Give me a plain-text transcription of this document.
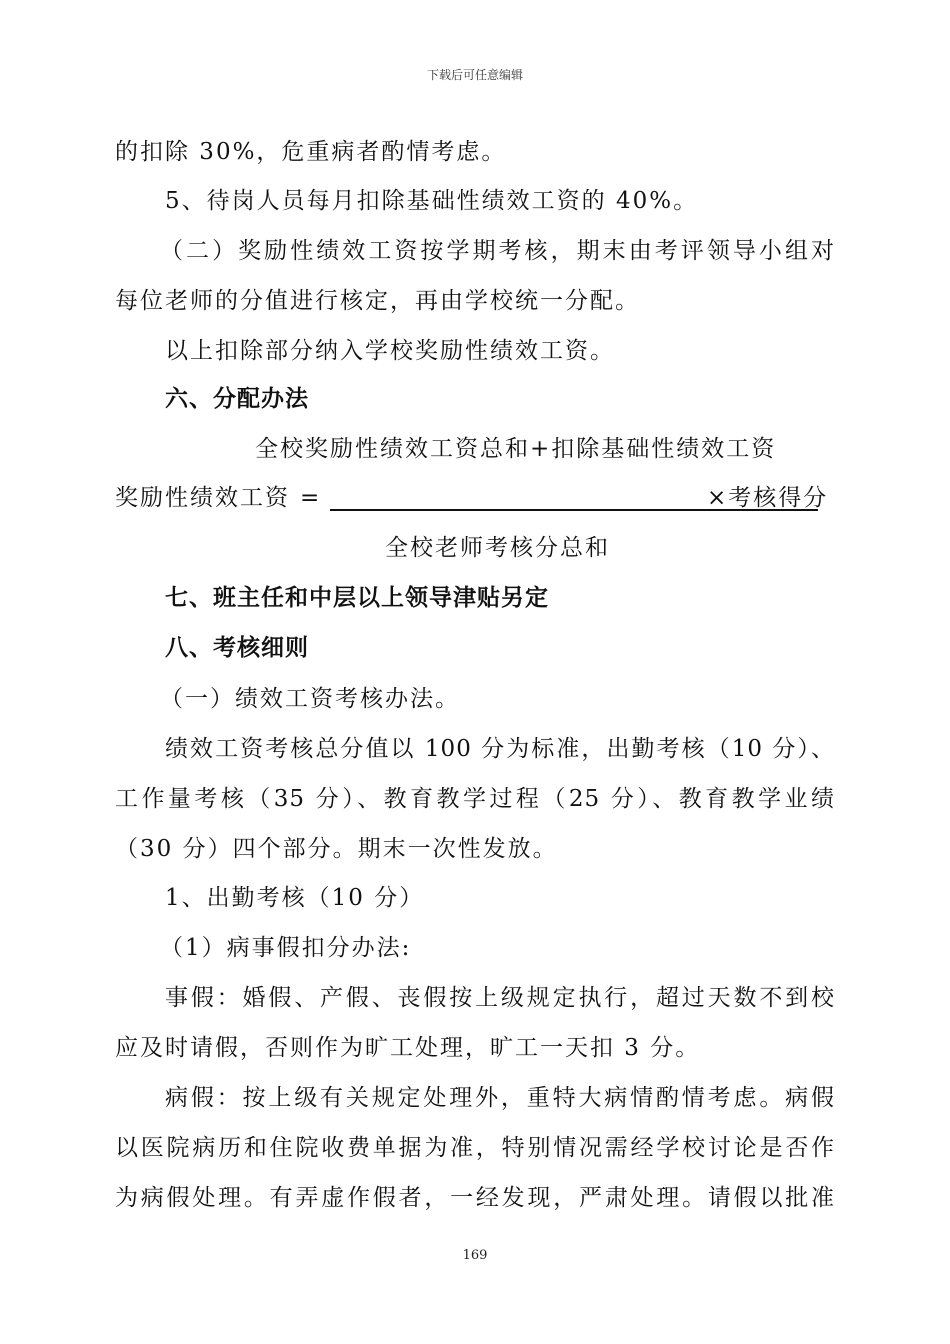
下载后可任意编辑
的扣除 30%，危重病者酌情考虑。
5、待岗人员每月扣除基础性绩效工资的 40%。
（二）奖励性绩效工资按学期考核，期末由考评领导小组对
每位老师的分值进行核定，再由学校统一分配。
以上扣除部分纳入学校奖励性绩效工资。
六、分配办法
全校奖励性绩效工资总和+扣除基础性绩效工资
奖励性绩效工资 =	×考核得分
全校老师考核分总和
七、班主任和中层以上领导津贴另定
八、考核细则
（一）绩效工资考核办法。
绩效工资考核总分值以 100 分为标准，出勤考核（10 分）、
工作量考核（35 分）、教育教学过程（25 分）、教育教学业绩
（30 分）四个部分。期末一次性发放。
1、出勤考核（10 分）
（1）病事假扣分办法:
事假：婚假、产假、丧假按上级规定执行，超过天数不到校
应及时请假，否则作为旷工处理，旷工一天扣 3 分。
病假：按上级有关规定处理外，重特大病情酌情考虑。病假
以医院病历和住院收费单据为准，特别情况需经学校讨论是否作
为病假处理。有弄虚作假者，一经发现，严肃处理。请假以批准
169
